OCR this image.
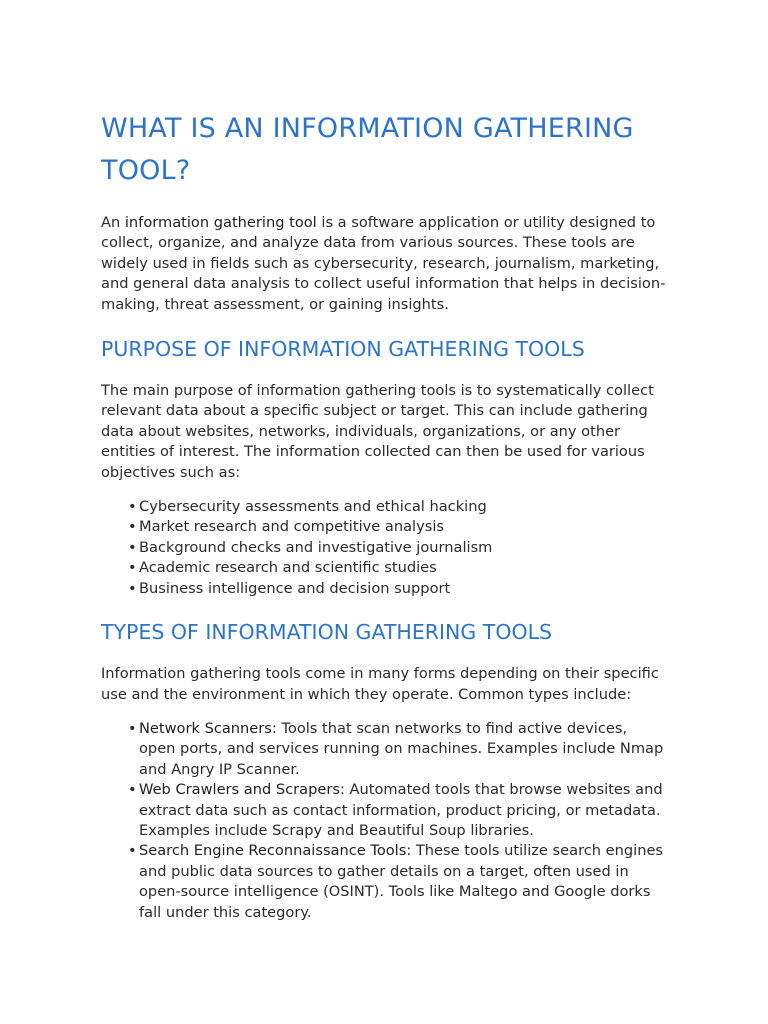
WHAT IS AN INFORMATION GATHERING TOOL?

An information gathering tool is a software application or utility designed to collect, organize, and analyze data from various sources. These tools are widely used in fields such as cybersecurity, research, journalism, marketing, and general data analysis to collect useful information that helps in decision-making, threat assessment, or gaining insights.

PURPOSE OF INFORMATION GATHERING TOOLS

The main purpose of information gathering tools is to systematically collect relevant data about a specific subject or target. This can include gathering data about websites, networks, individuals, organizations, or any other entities of interest. The information collected can then be used for various objectives such as:

• Cybersecurity assessments and ethical hacking
• Market research and competitive analysis
• Background checks and investigative journalism
• Academic research and scientific studies
• Business intelligence and decision support
TYPES OF INFORMATION GATHERING TOOLS

Information gathering tools come in many forms depending on their specific use and the environment in which they operate. Common types include:

• Network Scanners: Tools that scan networks to find active devices, open ports, and services running on machines. Examples include Nmap and Angry IP Scanner.
• Web Crawlers and Scrapers: Automated tools that browse websites and extract data such as contact information, product pricing, or metadata. Examples include Scrapy and Beautiful Soup libraries.
• Search Engine Reconnaissance Tools: These tools utilize search engines and public data sources to gather details on a target, often used in open-source intelligence (OSINT). Tools like Maltego and Google dorks fall under this category.
